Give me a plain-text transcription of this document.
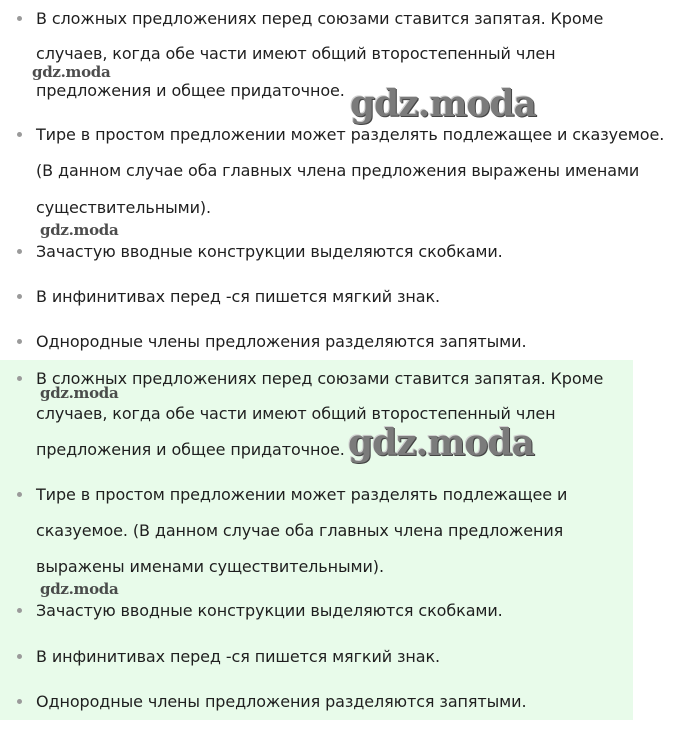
В сложных предложениях перед союзами ставится запятая. Кроме
случаев, когда обе части имеют общий второстепенный член
предложения и общее придаточное.
Тире в простом предложении может разделять подлежащее и сказуемое.
(В данном случае оба главных члена предложения выражены именами
существительными).
Зачастую вводные конструкции выделяются скобками.
В инфинитивах перед -ся пишется мягкий знак.
Однородные члены предложения разделяются запятыми.
gdz.moda
gdz.moda
gdz.moda
В сложных предложениях перед союзами ставится запятая. Кроме
случаев, когда обе части имеют общий второстепенный член
предложения и общее придаточное.
Тире в простом предложении может разделять подлежащее и
сказуемое. (В данном случае оба главных члена предложения
выражены именами существительными).
Зачастую вводные конструкции выделяются скобками.
В инфинитивах перед -ся пишется мягкий знак.
Однородные члены предложения разделяются запятыми.
gdz.moda
gdz.moda
gdz.moda
